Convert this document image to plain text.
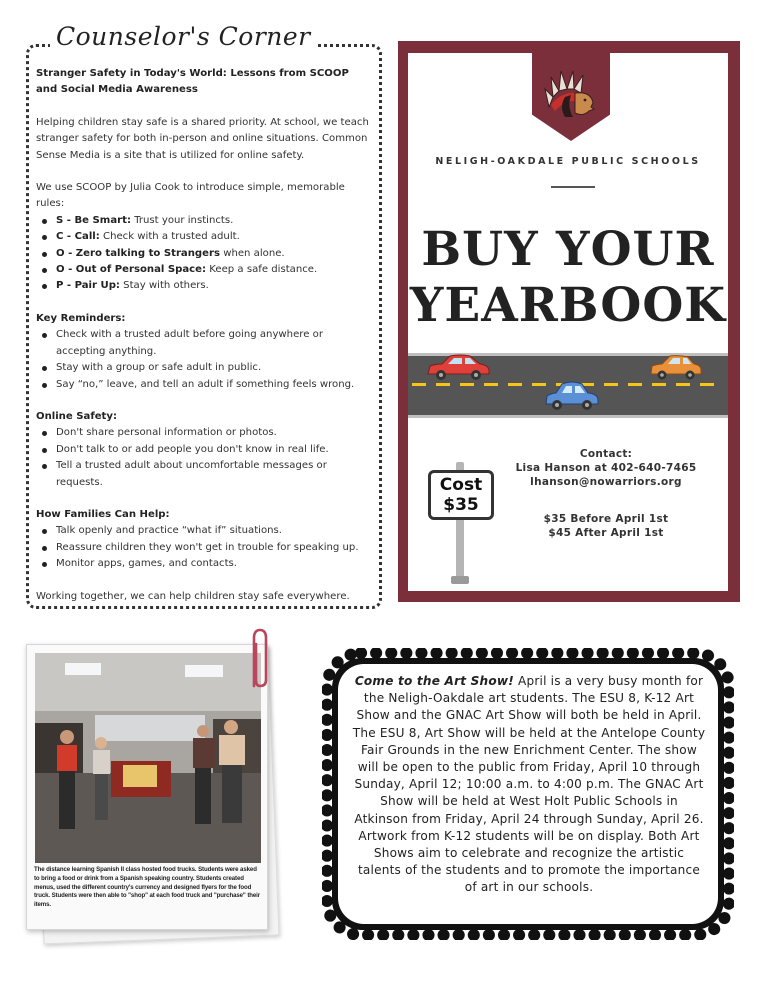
Counselor's Corner
Stranger Safety in Today's World: Lessons from SCOOP and Social Media Awareness
Helping children stay safe is a shared priority. At school, we teach stranger safety for both in-person and online situations. Common Sense Media is a site that is utilized for online safety.
We use SCOOP by Julia Cook to introduce simple, memorable rules:
S - Be Smart: Trust your instincts.
C - Call: Check with a trusted adult.
O - Zero talking to Strangers when alone.
O - Out of Personal Space: Keep a safe distance.
P - Pair Up: Stay with others.
Key Reminders:
Check with a trusted adult before going anywhere or accepting anything.
Stay with a group or safe adult in public.
Say “no,” leave, and tell an adult if something feels wrong.
Online Safety:
Don't share personal information or photos.
Don't talk to or add people you don't know in real life.
Tell a trusted adult about uncomfortable messages or requests.
How Families Can Help:
Talk openly and practice “what if” situations.
Reassure children they won't get in trouble for speaking up.
Monitor apps, games, and contacts.
Working together, we can help children stay safe everywhere.
NELIGH-OAKDALE PUBLIC SCHOOLS
BUY YOUR
YEARBOOK
Cost
$35
Contact:
Lisa Hanson at 402-640-7465
lhanson@nowarriors.org
$35 Before April 1st
$45 After April 1st
The distance learning Spanish II class hosted food trucks. Students were asked to bring a food or drink from a Spanish speaking country. Students created menus, used the different country's currency and designed flyers for the food truck. Students were then able to "shop" at each food truck and "purchase" their items.
Come to the Art Show! April is a very busy month for the Neligh-Oakdale art students. The ESU 8, K-12 Art Show and the GNAC Art Show will both be held in April. The ESU 8, Art Show will be held at the Antelope County Fair Grounds in the new Enrichment Center. The show will be open to the public from Friday, April 10 through Sunday, April 12; 10:00 a.m. to 4:00 p.m. The GNAC Art Show will be held at West Holt Public Schools in Atkinson from Friday, April 24 through Sunday, April 26. Artwork from K-12 students will be on display. Both Art Shows aim to celebrate and recognize the artistic talents of the students and to promote the importance of art in our schools.
